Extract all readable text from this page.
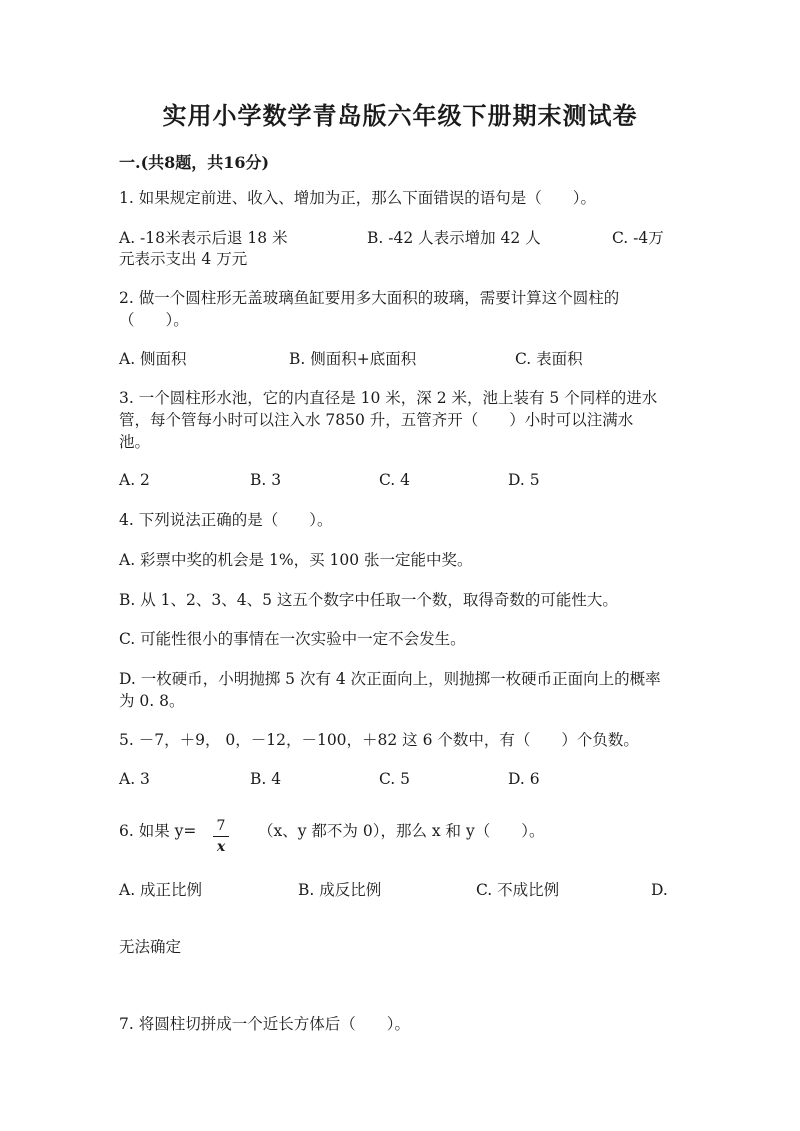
实用小学数学青岛版六年级下册期末测试卷
一.(共8题，共16分)
1. 如果规定前进、收入、增加为正，那么下面错误的语句是（　　）。
A. -18米表示后退 18 米	B. -42 人表示增加 42 人	C. -4万
元表示支出 4 万元
2. 做一个圆柱形无盖玻璃鱼缸要用多大面积的玻璃，需要计算这个圆柱的
（　　）。
A. 侧面积	B. 侧面积+底面积	C. 表面积
3. 一个圆柱形水池，它的内直径是 10 米，深 2 米，池上装有 5 个同样的进水
管，每个管每小时可以注入水 7850 升，五管齐开（　　）小时可以注满水
池。
A. 2	B. 3	C. 4	D. 5
4. 下列说法正确的是（　　）。
A. 彩票中奖的机会是 1%，买 100 张一定能中奖。
B. 从 1、2、3、4、5 这五个数字中任取一个数，取得奇数的可能性大。
C. 可能性很小的事情在一次实验中一定不会发生。
D. 一枚硬币，小明抛掷 5 次有 4 次正面向上，则抛掷一枚硬币正面向上的概率
为 0. 8。
5. －7，＋9， 0，－12，－100，＋82 这 6 个数中，有（　　）个负数。
A. 3	B. 4	C. 5	D. 6
6. 如果 y= 7
x
（x、y 都不为 0），那么 x 和 y（　　）。
A. 成正比例	B. 成反比例	C. 不成比例	D.
无法确定
7. 将圆柱切拼成一个近长方体后（　　）。
